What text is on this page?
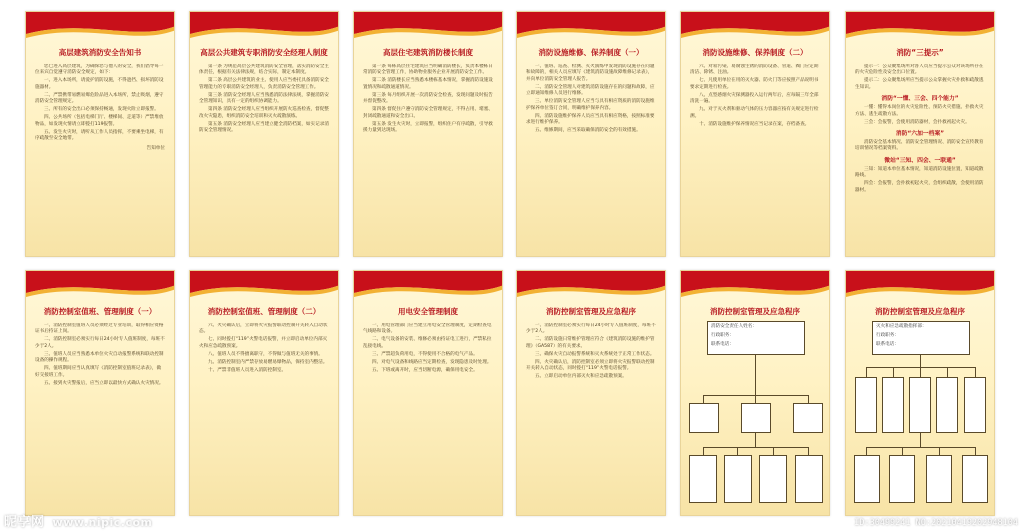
高层建筑消防安全告知书
您已进入高层建筑，为确保您与他人的安全，我们倡导每一位来宾自觉遵守消防安全规定，如下：
一、进入本场所，请爱护消防设施，不得遮挡、损坏消防设施器材。
二、严禁携带易燃易爆危险品进入本场所，禁止吸烟，遵守消防安全管理规定。
三、所有的安全出口必须保持畅通，发现火险立即报警。
四、公共场所（包括电梯门厅、楼梯间、走道等）严禁堆放物品，如发现火情请立即拨打119报警。
五、发生火灾时，请听从工作人员指挥，不要乘坐电梯，有序疏散至安全地带。
告知单位
高层公共建筑专职消防安全经理人制度
第一条 为规范高层公共建筑消防安全管理，落实消防安全主体责任，根据有关法律法规，结合实际，制定本制度。
第二条 高层公共建筑的业主、使用人应当委托具备消防安全管理能力的专职消防安全经理人，负责消防安全管理工作。
第三条 消防安全经理人应当熟悉消防法律法规，掌握消防安全管理知识，具有一定的组织协调能力。
第四条 消防安全经理人应当组织开展防火巡查检查，督促整改火灾隐患，组织消防安全培训和灭火疏散演练。
第五条 消防安全经理人应当建立健全消防档案，如实记录消防安全管理情况。
高层住宅建筑消防楼长制度
第一条 每栋高层住宅建筑应当明确消防楼长，负责本楼栋日常消防安全管理工作，协助物业服务企业开展消防安全工作。
第二条 消防楼长应当熟悉本楼栋基本情况，掌握消防设施设置情况和疏散通道情况。
第三条 每月组织开展一次消防安全检查，发现问题及时报告并督促整改。
第四条 督促住户遵守消防安全管理规定，不得占用、堵塞、封闭疏散通道和安全出口。
第五条 发生火灾时，立即报警，组织住户有序疏散，引导救援力量到达现场。
消防设施维修、保养制度（一）
一、值班、巡查、检测、灭火演练中发现消防设施存在问题和故障的，相关人员应填写《建筑消防设施故障维修记录表》，并向单位消防安全管理人报告。
二、消防安全管理人对建筑消防设施存在的问题和故障，应立即通知维修人员进行维修。
三、单位消防安全管理人应当与具有相应资质的消防设施维护保养单位签订合同，明确维护保养内容。
四、消防设施维护保养人员应当具有相应资格，按照标准要求进行维护保养。
五、维修期间，应当采取确保消防安全的有效措施。
消防设施维修、保养制度（二）
六、对易污染、易腐蚀生锈的消防设备、管道、阀门应定期清洁、除锈、注油。
七、凡使用单位在用的灭火器、防火门等应按照产品说明书要求定期进行检查。
八、点型感烟火灾探测器投入运行两年后，应每隔三年全部清洗一遍。
九、对于灭火剂和驱动气体的压力容器应按有关规定进行检测。
十、消防设施维护保养情况应当记录在案，存档备查。
消防“三提示”
提示一：公众聚集场所对客人员应当提示公众对该场所存在的火灾危险性及安全出口位置。
提示二：公众聚集场所应当提示公众掌握火灾扑救和疏散逃生知识。
消防“一懂、三会、四个能力”
一懂：懂得本岗位的火灾危险性、预防火灾措施、扑救火灾方法、逃生疏散方法。
三会：会报警，会使用消防器材，会扑救初起火灾。
消防“六加一档案”
消防安全基本情况、消防安全管理情况、消防安全宣传教育培训情况等档案资料。
微站“三知、四会、一联通”
三知：知道本单位基本情况，知道消防设施位置，知道疏散路线。
四会：会报警，会扑救初起火灾，会组织疏散，会使用消防器材。
消防控制室值班、管理制度（一）
一、消防控制室值班人员必须经过专业培训，取得相应资格证书后持证上岗。
二、消防控制室必须实行每日24小时专人值班制度，每班不少于2人。
三、值班人员应当熟悉本单位火灾自动报警系统和联动控制设备的操作规程。
四、值班期间应当认真填写《消防控制室值班记录表》，做好交接班工作。
五、接到火灾警报后，应当立即以最快方式确认火灾情况。
消防控制室值班、管理制度（二）
六、火灾确认后，立即将火灾报警联动控制开关转入自动状态。
七、同时拨打“119”火警电话报警，并立即启动单位内部灭火和应急疏散预案。
八、值班人员不得擅离职守，不得做与值班无关的事情。
九、消防控制室内严禁存放易燃易爆物品，保持室内整洁。
十、严禁非值班人员进入消防控制室。
用电安全管理制度
一、用电管理部门应当建立用电安全管理制度，定期检查电气线路和设备。
二、电气设备的安装、维修必须由持证电工进行，严禁私拉乱接电线。
三、严禁超负荷用电，不得使用不合格的电气产品。
四、对电气设备和线路应当定期检查，发现隐患及时处理。
五、下班或离开时，应当切断电源，确保用电安全。
消防控制室管理及应急程序
一、消防控制室必须实行每日24小时专人值班制度，每班不少于2人。
二、消防设施日常维护管理应符合《建筑消防设施的维护管理》（GA587）的有关要求。
三、确保火灾自动报警系统和灭火系统处于正常工作状态。
四、火灾确认后，消防控制室必须立即将火灾报警联动控制开关转入自动状态，同时拨打“119”火警电话报警。
五、立即启动单位内部灭火和应急疏散预案。
消防控制室管理及应急程序
消防安全责任人姓名：
行政职务：
联系电话：
消防控制室管理及应急程序
灭火和应急疏散指挥部：
行政职务：
联系电话：
昵享网 www.nipic.com	ID:30499241 NO:20210419202948104
